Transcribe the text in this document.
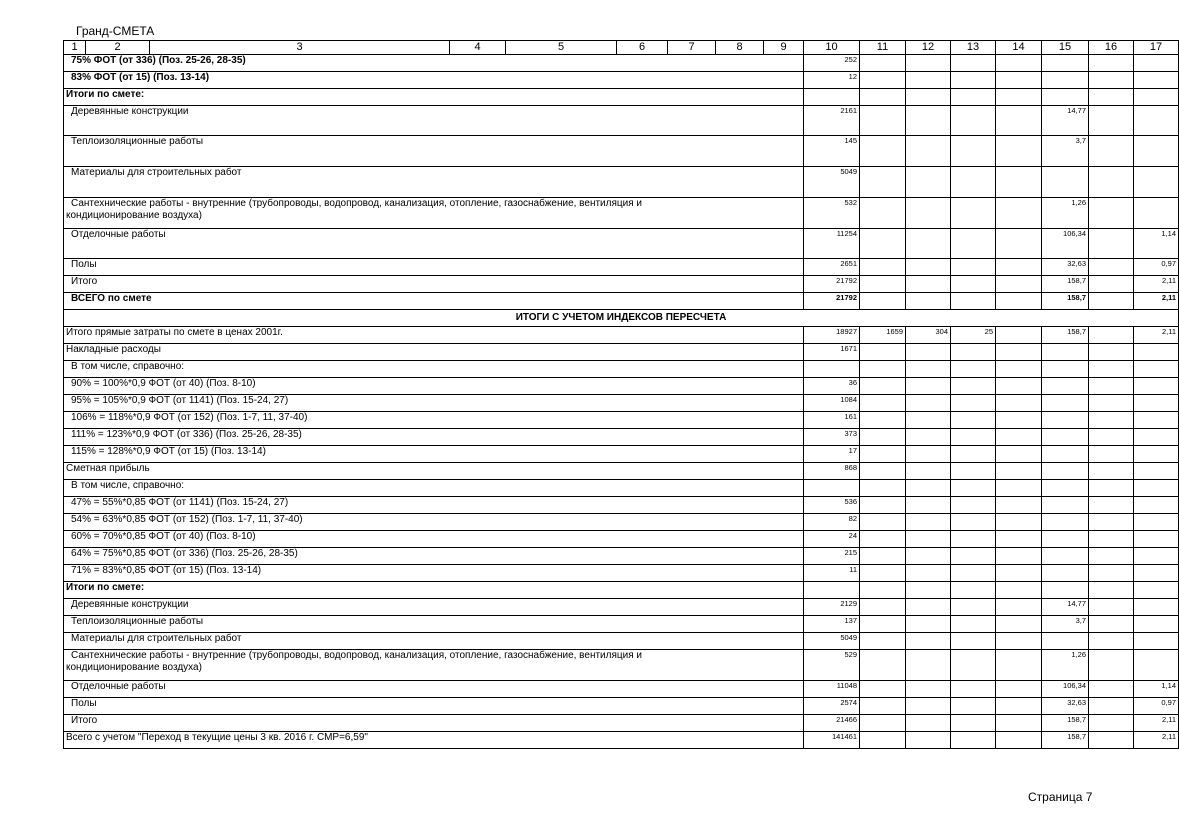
Гранд-СМЕТА
1	2	3	4	5	6	7	8	9	10	11	12	13	14	15	16	17
75% ФОТ (от 336) (Поз. 25-26, 28-35)									252							
83% ФОТ (от 15) (Поз. 13-14)									12							
Итоги по смете:																
Деревянные конструкции									2161					14,77		
Теплоизоляционные работы									145					3,7		
Материалы для строительных работ									5049							
Сантехнические работы - внутренние (трубопроводы, водопровод, канализация, отопление, газоснабжение, вентиляция и
кондиционирование воздуха)									532					1,26		
Отделочные работы									11254					106,34		1,14
Полы									2651					32,63		0,97
Итого									21792					158,7		2,11
ВСЕГО по смете									21792					158,7		2,11
ИТОГИ С УЧЕТОМ ИНДЕКСОВ ПЕРЕСЧЕТА																
Итого прямые затраты по смете в ценах 2001г.									18927	1659	304	25		158,7		2,11
Накладные расходы									1671							
В том числе, справочно:																
90% = 100%*0,9 ФОТ (от 40) (Поз. 8-10)									36							
95% = 105%*0,9 ФОТ (от 1141) (Поз. 15-24, 27)									1084							
106% = 118%*0,9 ФОТ (от 152) (Поз. 1-7, 11, 37-40)									161							
111% = 123%*0,9 ФОТ (от 336) (Поз. 25-26, 28-35)									373							
115% = 128%*0,9 ФОТ (от 15) (Поз. 13-14)									17							
Сметная прибыль									868							
В том числе, справочно:																
47% = 55%*0,85 ФОТ (от 1141) (Поз. 15-24, 27)									536							
54% = 63%*0,85 ФОТ (от 152) (Поз. 1-7, 11, 37-40)									82							
60% = 70%*0,85 ФОТ (от 40) (Поз. 8-10)									24							
64% = 75%*0,85 ФОТ (от 336) (Поз. 25-26, 28-35)									215							
71% = 83%*0,85 ФОТ (от 15) (Поз. 13-14)									11							
Итоги по смете:																
Деревянные конструкции									2129					14,77		
Теплоизоляционные работы									137					3,7		
Материалы для строительных работ									5049							
Сантехнические работы - внутренние (трубопроводы, водопровод, канализация, отопление, газоснабжение, вентиляция и
кондиционирование воздуха)									529					1,26		
Отделочные работы									11048					106,34		1,14
Полы									2574					32,63		0,97
Итого									21466					158,7		2,11
Всего с учетом "Переход в текущие цены 3 кв. 2016 г. СМР=6,59"									141461					158,7		2,11
Страница 7
